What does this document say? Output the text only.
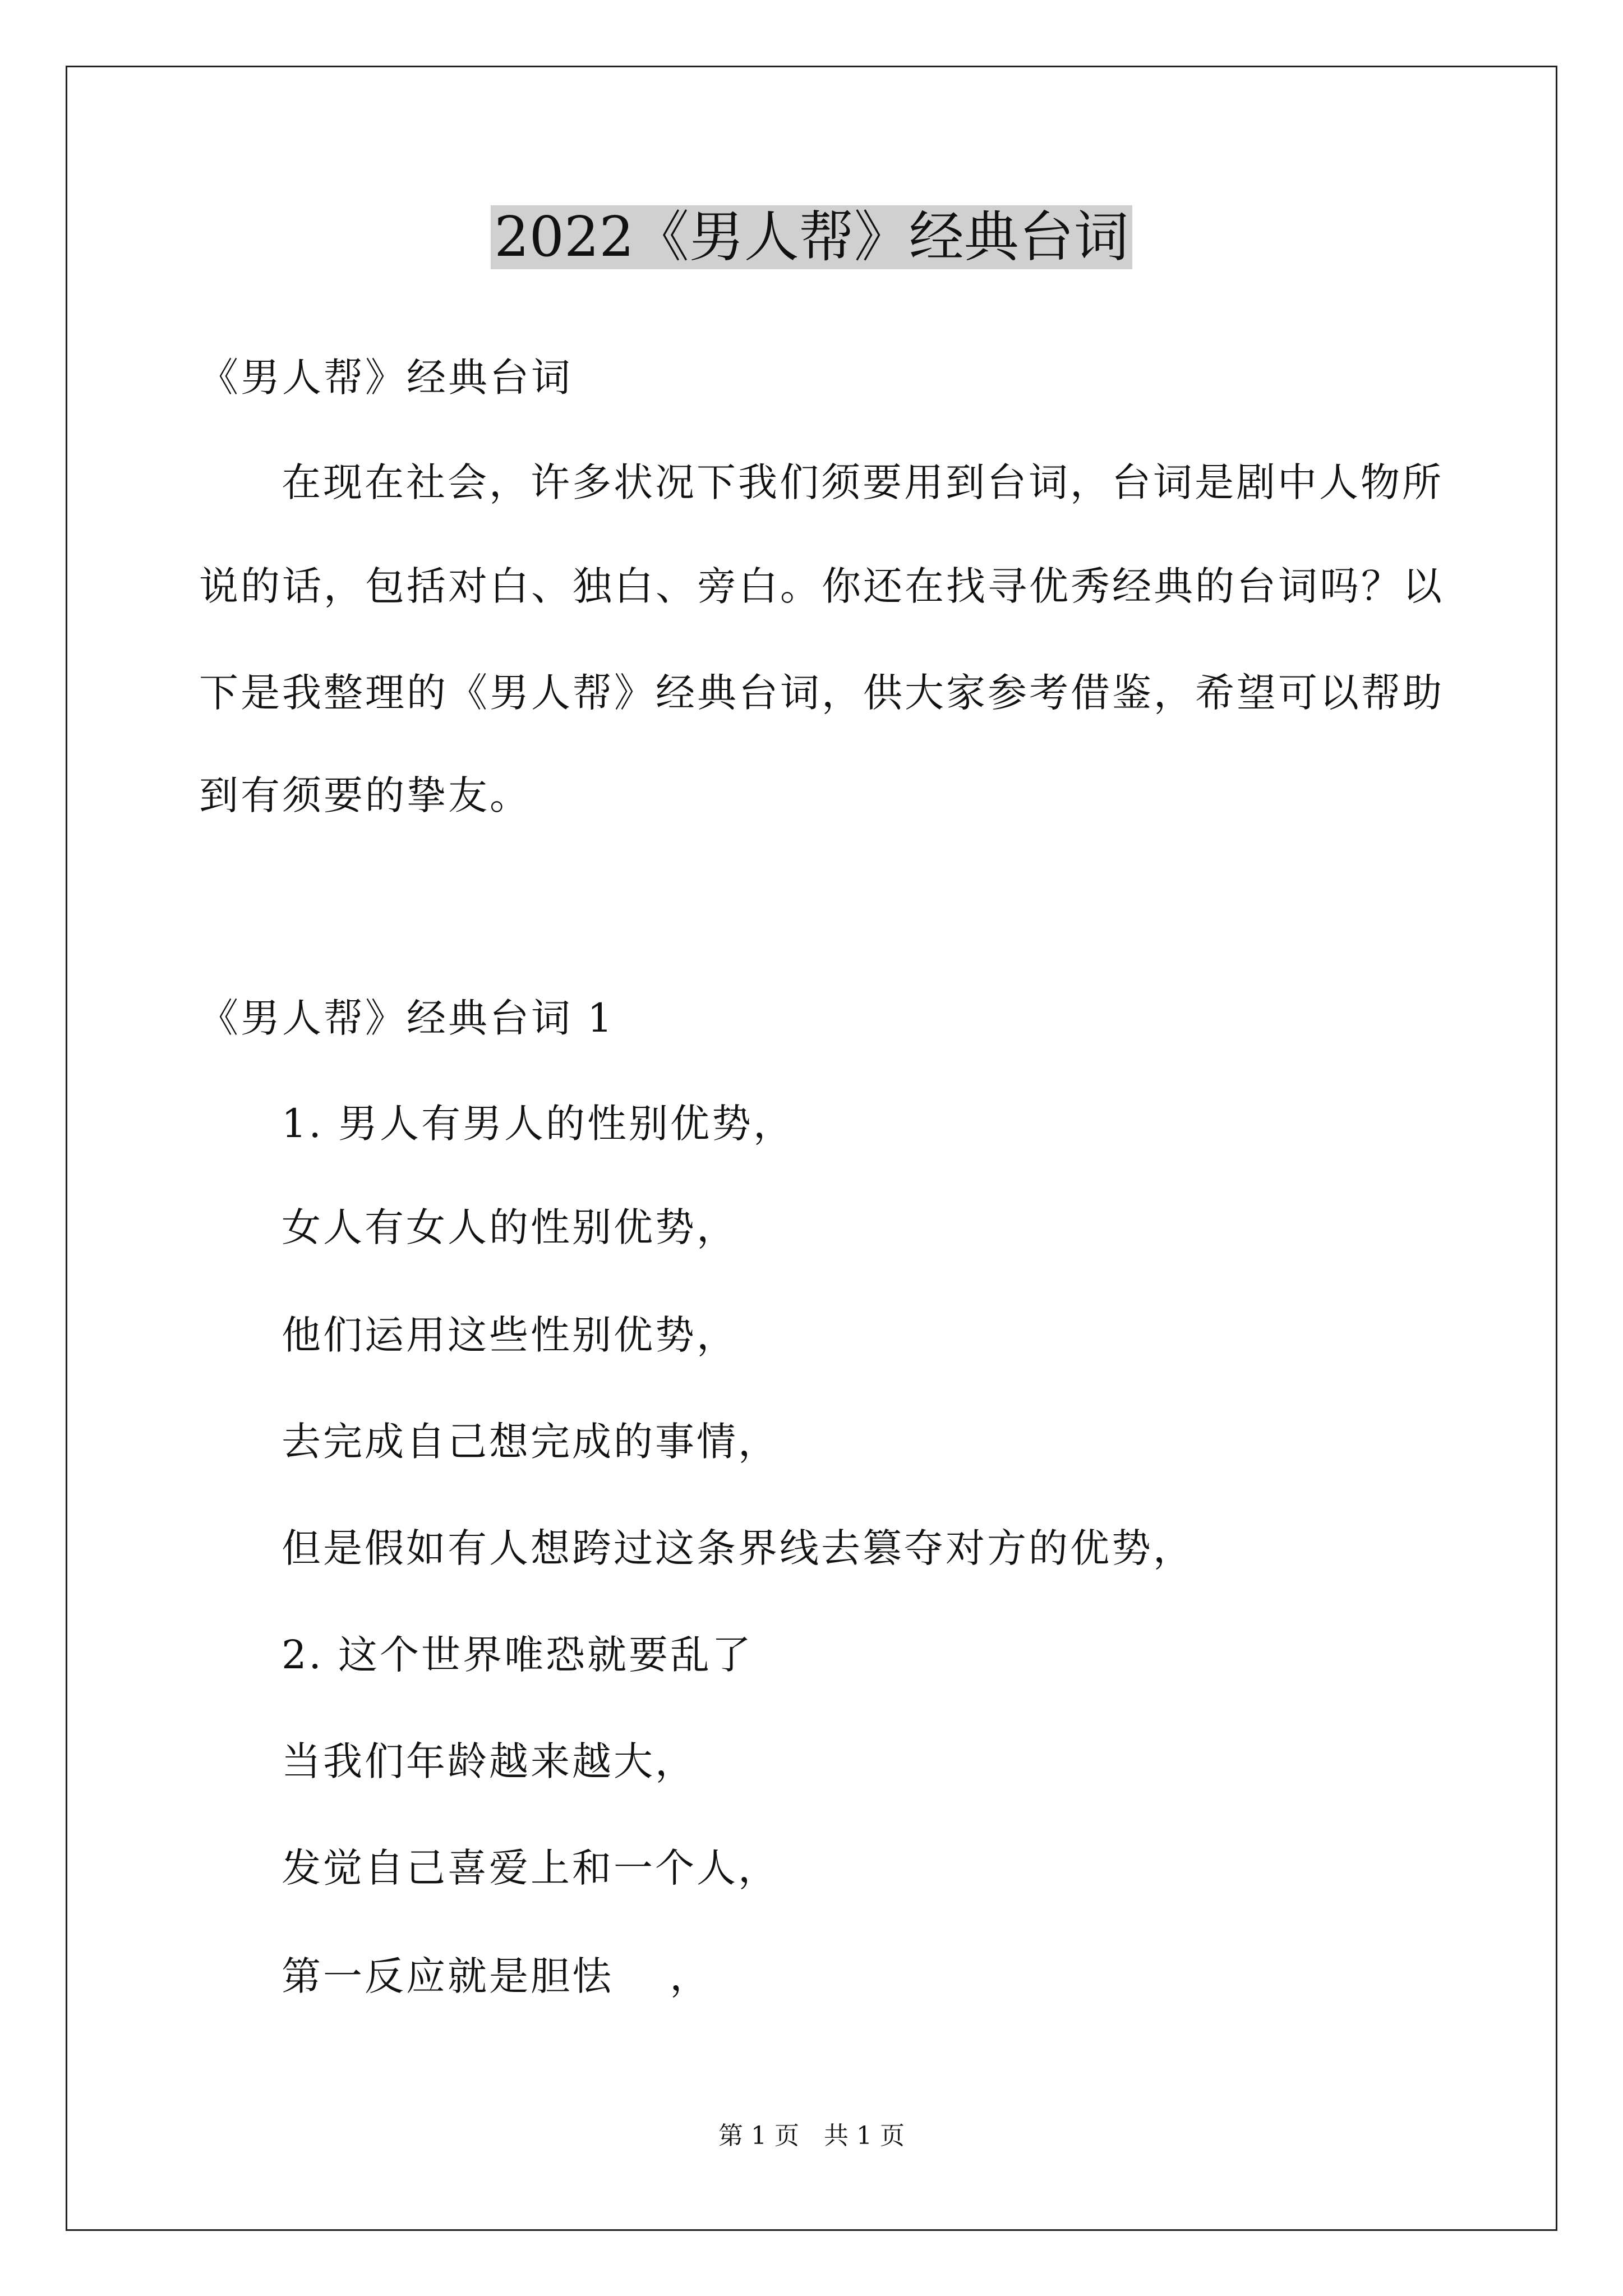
2022《男人帮》经典台词
《男人帮》经典台词
在现在社会，许多状况下我们须要用到台词，台词是剧中人物所
说的话，包括对白、独白、旁白。你还在找寻优秀经典的台词吗？以
下是我整理的《男人帮》经典台词，供大家参考借鉴，希望可以帮助
到有须要的挚友。
《男人帮》经典台词 1
1. 男人有男人的性别优势，
女人有女人的性别优势，
他们运用这些性别优势，
去完成自己想完成的事情，
但是假如有人想跨过这条界线去篡夺对方的优势，
2. 这个世界唯恐就要乱了
当我们年龄越来越大，
发觉自己喜爱上和一个人，
第一反应就是胆怯　 ，
第 1 页　共 1 页
